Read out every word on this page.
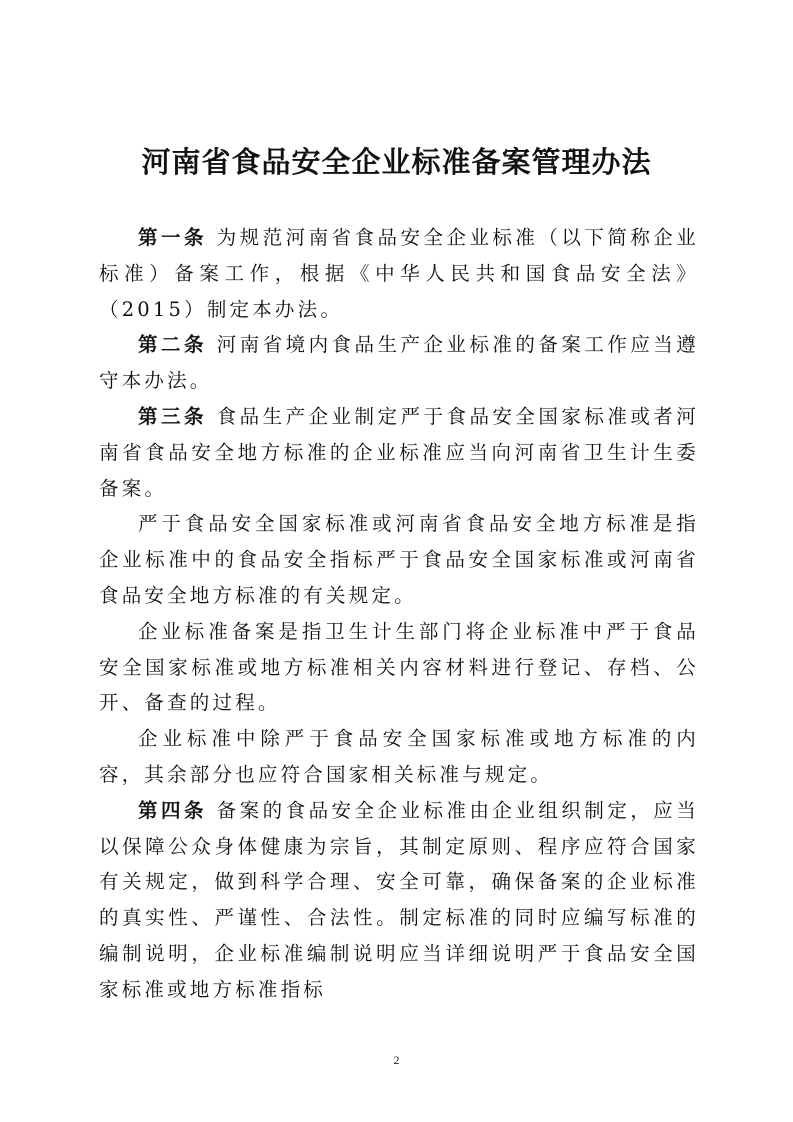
河南省食品安全企业标准备案管理办法

第一条 为规范河南省食品安全企业标准（以下简称企业标准）备案工作，根据《中华人民共和国食品安全法》（2015）制定本办法。

第二条 河南省境内食品生产企业标准的备案工作应当遵守本办法。

第三条 食品生产企业制定严于食品安全国家标准或者河南省食品安全地方标准的企业标准应当向河南省卫生计生委备案。

严于食品安全国家标准或河南省食品安全地方标准是指企业标准中的食品安全指标严于食品安全国家标准或河南省食品安全地方标准的有关规定。

企业标准备案是指卫生计生部门将企业标准中严于食品安全国家标准或地方标准相关内容材料进行登记、存档、公开、备查的过程。

企业标准中除严于食品安全国家标准或地方标准的内容，其余部分也应符合国家相关标准与规定。

第四条 备案的食品安全企业标准由企业组织制定，应当以保障公众身体健康为宗旨，其制定原则、程序应符合国家有关规定，做到科学合理、安全可靠，确保备案的企业标准的真实性、严谨性、合法性。制定标准的同时应编写标准的编制说明，企业标准编制说明应当详细说明严于食品安全国家标准或地方标准指标

2
